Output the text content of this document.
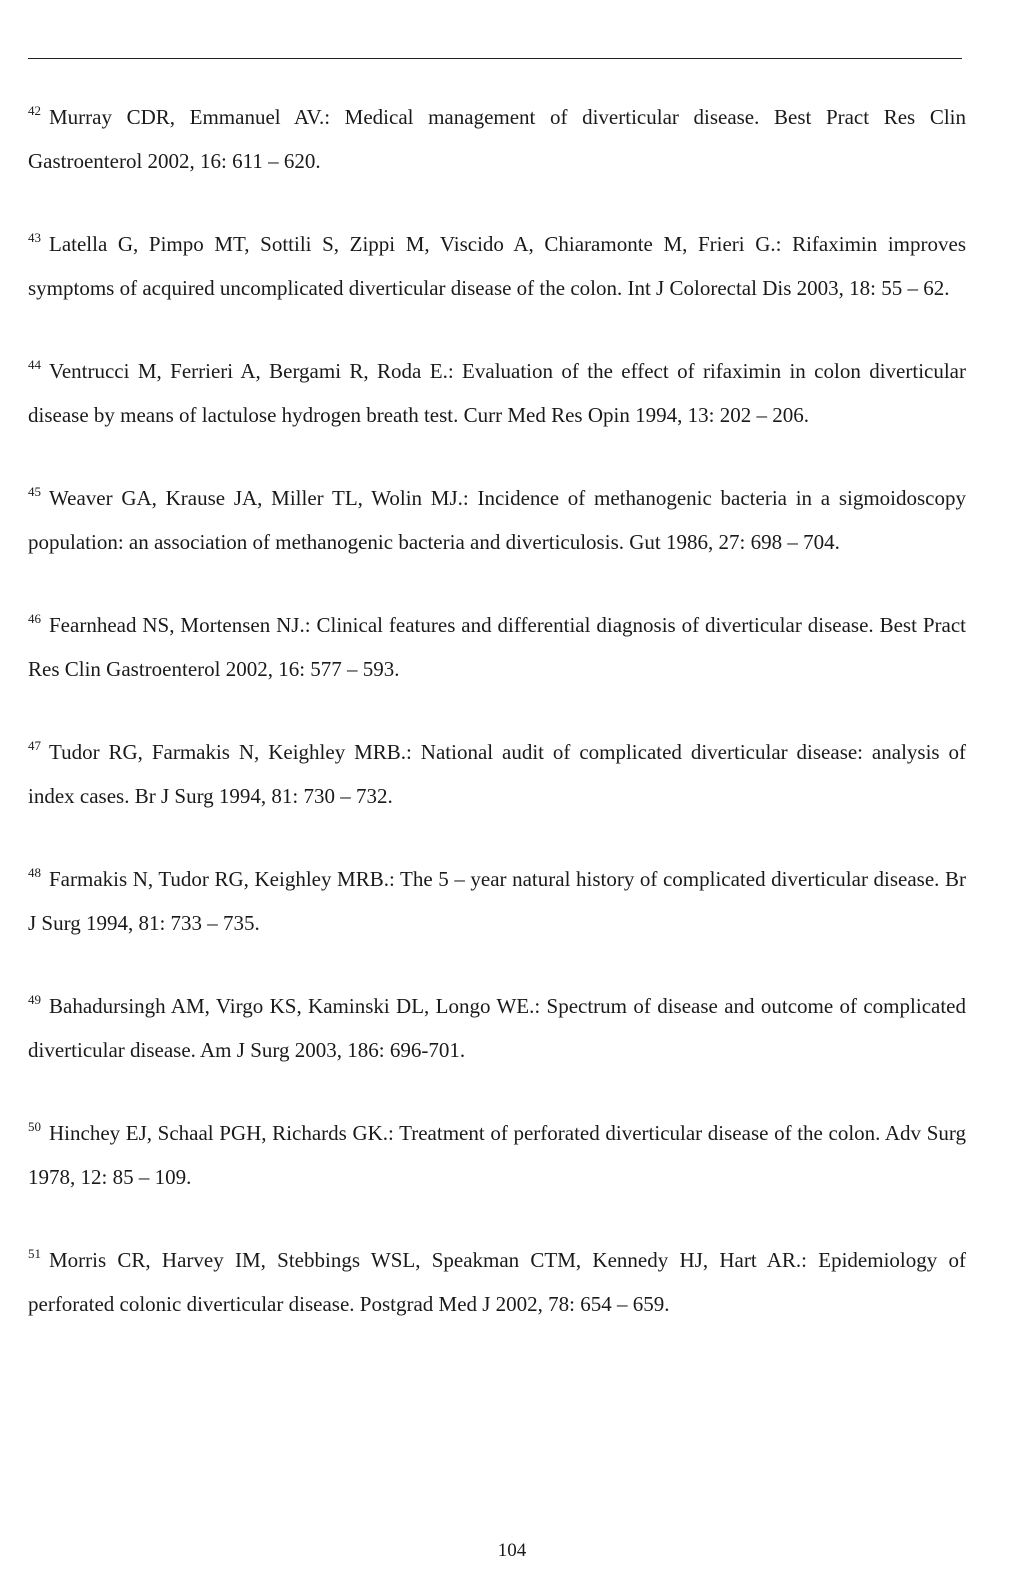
$^{42}$ Murray CDR, Emmanuel AV.: Medical management of diverticular disease. Best Pract Res Clin Gastroenterol 2002, 16: 611 – 620.

$^{43}$ Latella G, Pimpo MT, Sottili S, Zippi M, Viscido A, Chiaramonte M, Frieri G.: Rifaximin improves symptoms of acquired uncomplicated diverticular disease of the colon. Int J Colorectal Dis 2003, 18: 55 – 62.

$^{44}$ Ventrucci M, Ferrieri A, Bergami R, Roda E.: Evaluation of the effect of rifaximin in colon diverticular disease by means of lactulose hydrogen breath test. Curr Med Res Opin 1994, 13: 202 – 206.

$^{45}$ Weaver GA, Krause JA, Miller TL, Wolin MJ.: Incidence of methanogenic bacteria in a sigmoidoscopy population: an association of methanogenic bacteria and diverticulosis. Gut 1986, 27: 698 – 704.

$^{46}$ Fearnhead NS, Mortensen NJ.: Clinical features and differential diagnosis of diverticular disease. Best Pract Res Clin Gastroenterol 2002, 16: 577 – 593.

$^{47}$ Tudor RG, Farmakis N, Keighley MRB.: National audit of complicated diverticular disease: analysis of index cases. Br J Surg 1994, 81: 730 – 732.

$^{48}$ Farmakis N, Tudor RG, Keighley MRB.: The 5 – year natural history of complicated diverticular disease. Br J Surg 1994, 81: 733 – 735.

$^{49}$ Bahadursingh AM, Virgo KS, Kaminski DL, Longo WE.: Spectrum of disease and outcome of complicated diverticular disease. Am J Surg 2003, 186: 696-701.

$^{50}$ Hinchey EJ, Schaal PGH, Richards GK.: Treatment of perforated diverticular disease of the colon. Adv Surg 1978, 12: 85 – 109.

$^{51}$ Morris CR, Harvey IM, Stebbings WSL, Speakman CTM, Kennedy HJ, Hart AR.: Epidemiology of perforated colonic diverticular disease. Postgrad Med J 2002, 78: 654 – 659.

104
